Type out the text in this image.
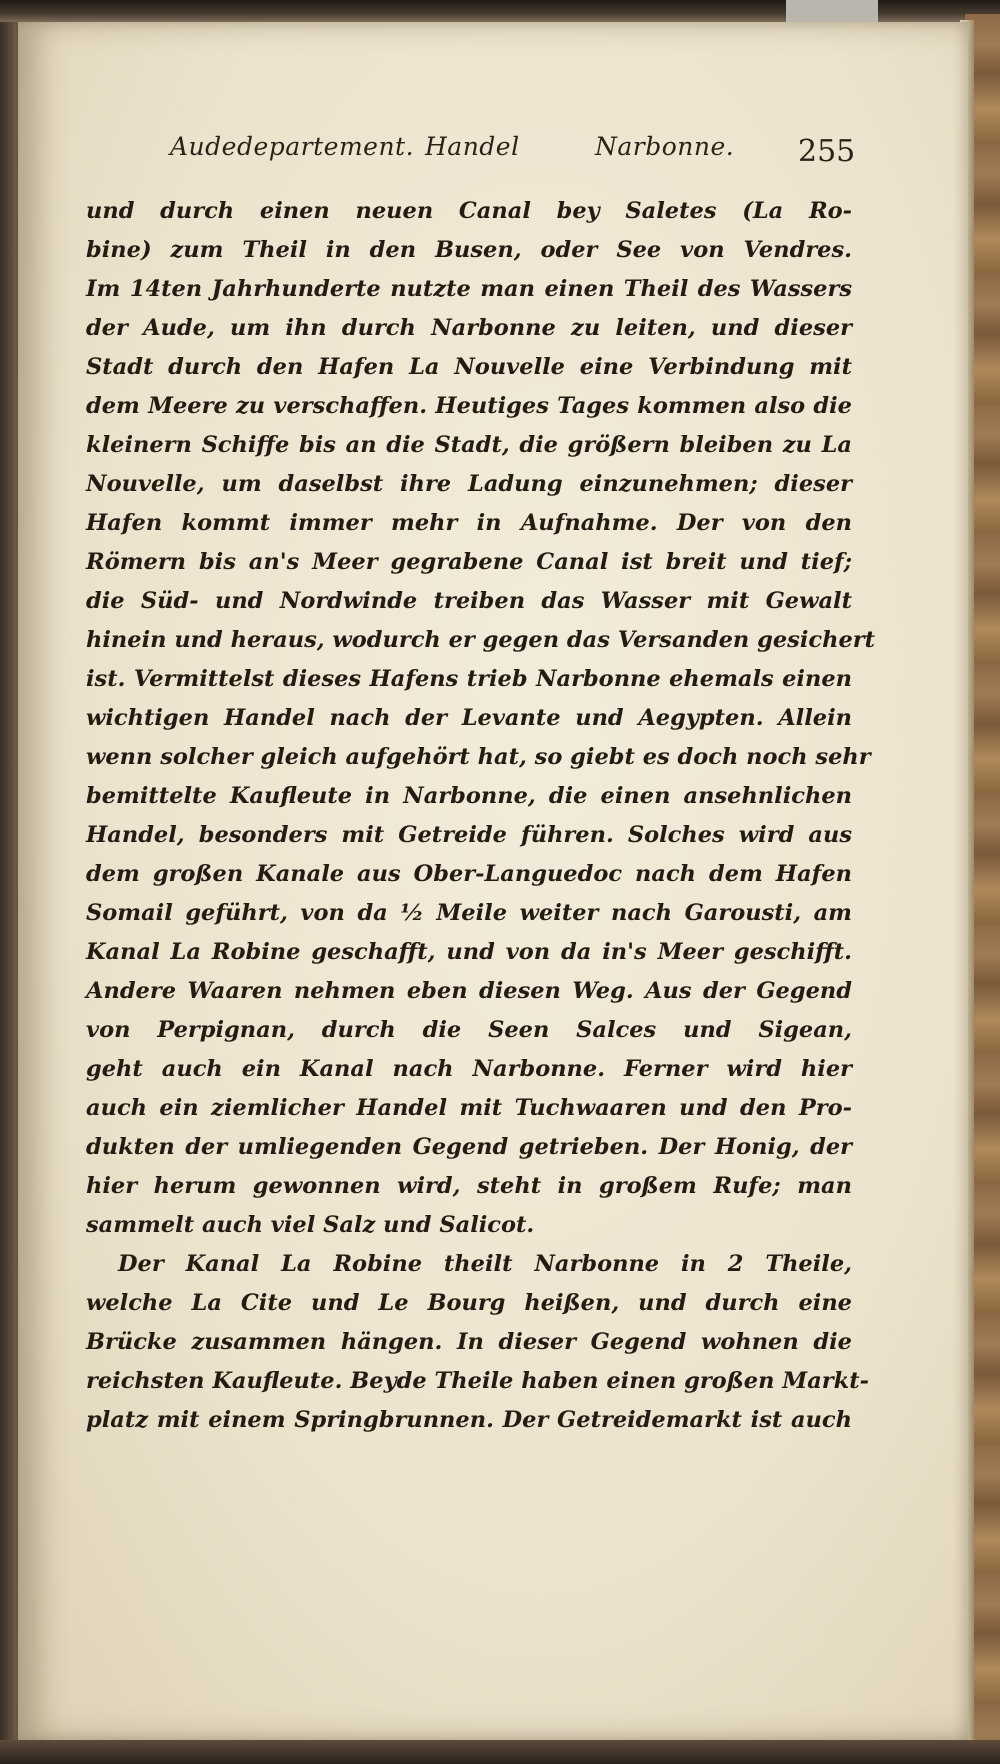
Audedepartement. Handel	Narbonne. 255
und durch einen neuen Canal bey Saletes (La Ro-
bine) zum Theil in den Busen, oder See von Vendres.
Im 14ten Jahrhunderte nutzte man einen Theil des Wassers
der Aude, um ihn durch Narbonne zu leiten, und dieser
Stadt durch den Hafen La Nouvelle eine Verbindung mit
dem Meere zu verschaffen. Heutiges Tages kommen also die
kleinern Schiffe bis an die Stadt, die größern bleiben zu La
Nouvelle, um daselbst ihre Ladung einzunehmen; dieser
Hafen kommt immer mehr in Aufnahme. Der von den
Römern bis an's Meer gegrabene Canal ist breit und tief;
die Süd- und Nordwinde treiben das Wasser mit Gewalt
hinein und heraus, wodurch er gegen das Versanden gesichert
ist. Vermittelst dieses Hafens trieb Narbonne ehemals einen
wichtigen Handel nach der Levante und Aegypten. Allein
wenn solcher gleich aufgehört hat, so giebt es doch noch sehr
bemittelte Kaufleute in Narbonne, die einen ansehnlichen
Handel, besonders mit Getreide führen. Solches wird aus
dem großen Kanale aus Ober-Languedoc nach dem Hafen
Somail geführt, von da ½ Meile weiter nach Garousti, am
Kanal La Robine geschafft, und von da in's Meer geschifft.
Andere Waaren nehmen eben diesen Weg. Aus der Gegend
von Perpignan, durch die Seen Salces und Sigean,
geht auch ein Kanal nach Narbonne. Ferner wird hier
auch ein ziemlicher Handel mit Tuchwaaren und den Pro-
dukten der umliegenden Gegend getrieben. Der Honig, der
hier herum gewonnen wird, steht in großem Rufe; man
sammelt auch viel Salz und Salicot.
Der Kanal La Robine theilt Narbonne in 2 Theile,
welche La Cite und Le Bourg heißen, und durch eine
Brücke zusammen hängen. In dieser Gegend wohnen die
reichsten Kaufleute. Beyde Theile haben einen großen Markt-
platz mit einem Springbrunnen. Der Getreidemarkt ist auch
